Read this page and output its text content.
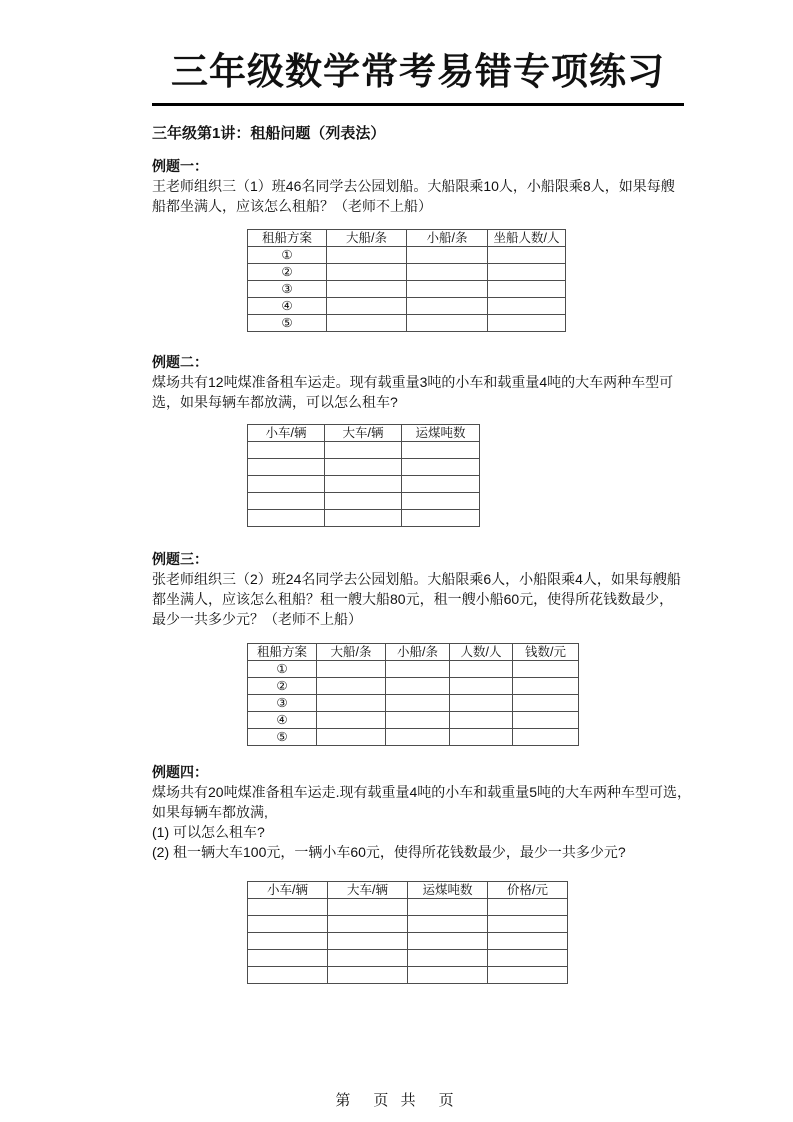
三年级数学常考易错专项练习
三年级第1讲：租船问题（列表法）
例题一：

王老师组织三（1）班46名同学去公园划船。大船限乘10人，小船限乘8人，如果每艘

船都坐满人，应该怎么租船？（老师不上船）

租船方案	大船/条	小船/条	坐船人数/人
①			
②			
③			
④			
⑤			
例题二：

煤场共有12吨煤准备租车运走。现有载重量3吨的小车和载重量4吨的大车两种车型可

选，如果每辆车都放满，可以怎么租车?

小车/辆	大车/辆	运煤吨数

例题三：

张老师组织三（2）班24名同学去公园划船。大船限乘6人，小船限乘4人，如果每艘船

都坐满人，应该怎么租船？租一艘大船80元，租一艘小船60元，使得所花钱数最少，

最少一共多少元？（老师不上船）

租船方案	大船/条	小船/条	人数/人	钱数/元
①				
②				
③				
④				
⑤				
例题四：

煤场共有20吨煤准备租车运走.现有载重量4吨的小车和载重量5吨的大车两种车型可选，

如果每辆车都放满,

(1) 可以怎么租车?

(2) 租一辆大车100元，一辆小车60元，使得所花钱数最少，最少一共多少元?

小车/辆	大车/辆	运煤吨数	价格/元

第　页 共　页
